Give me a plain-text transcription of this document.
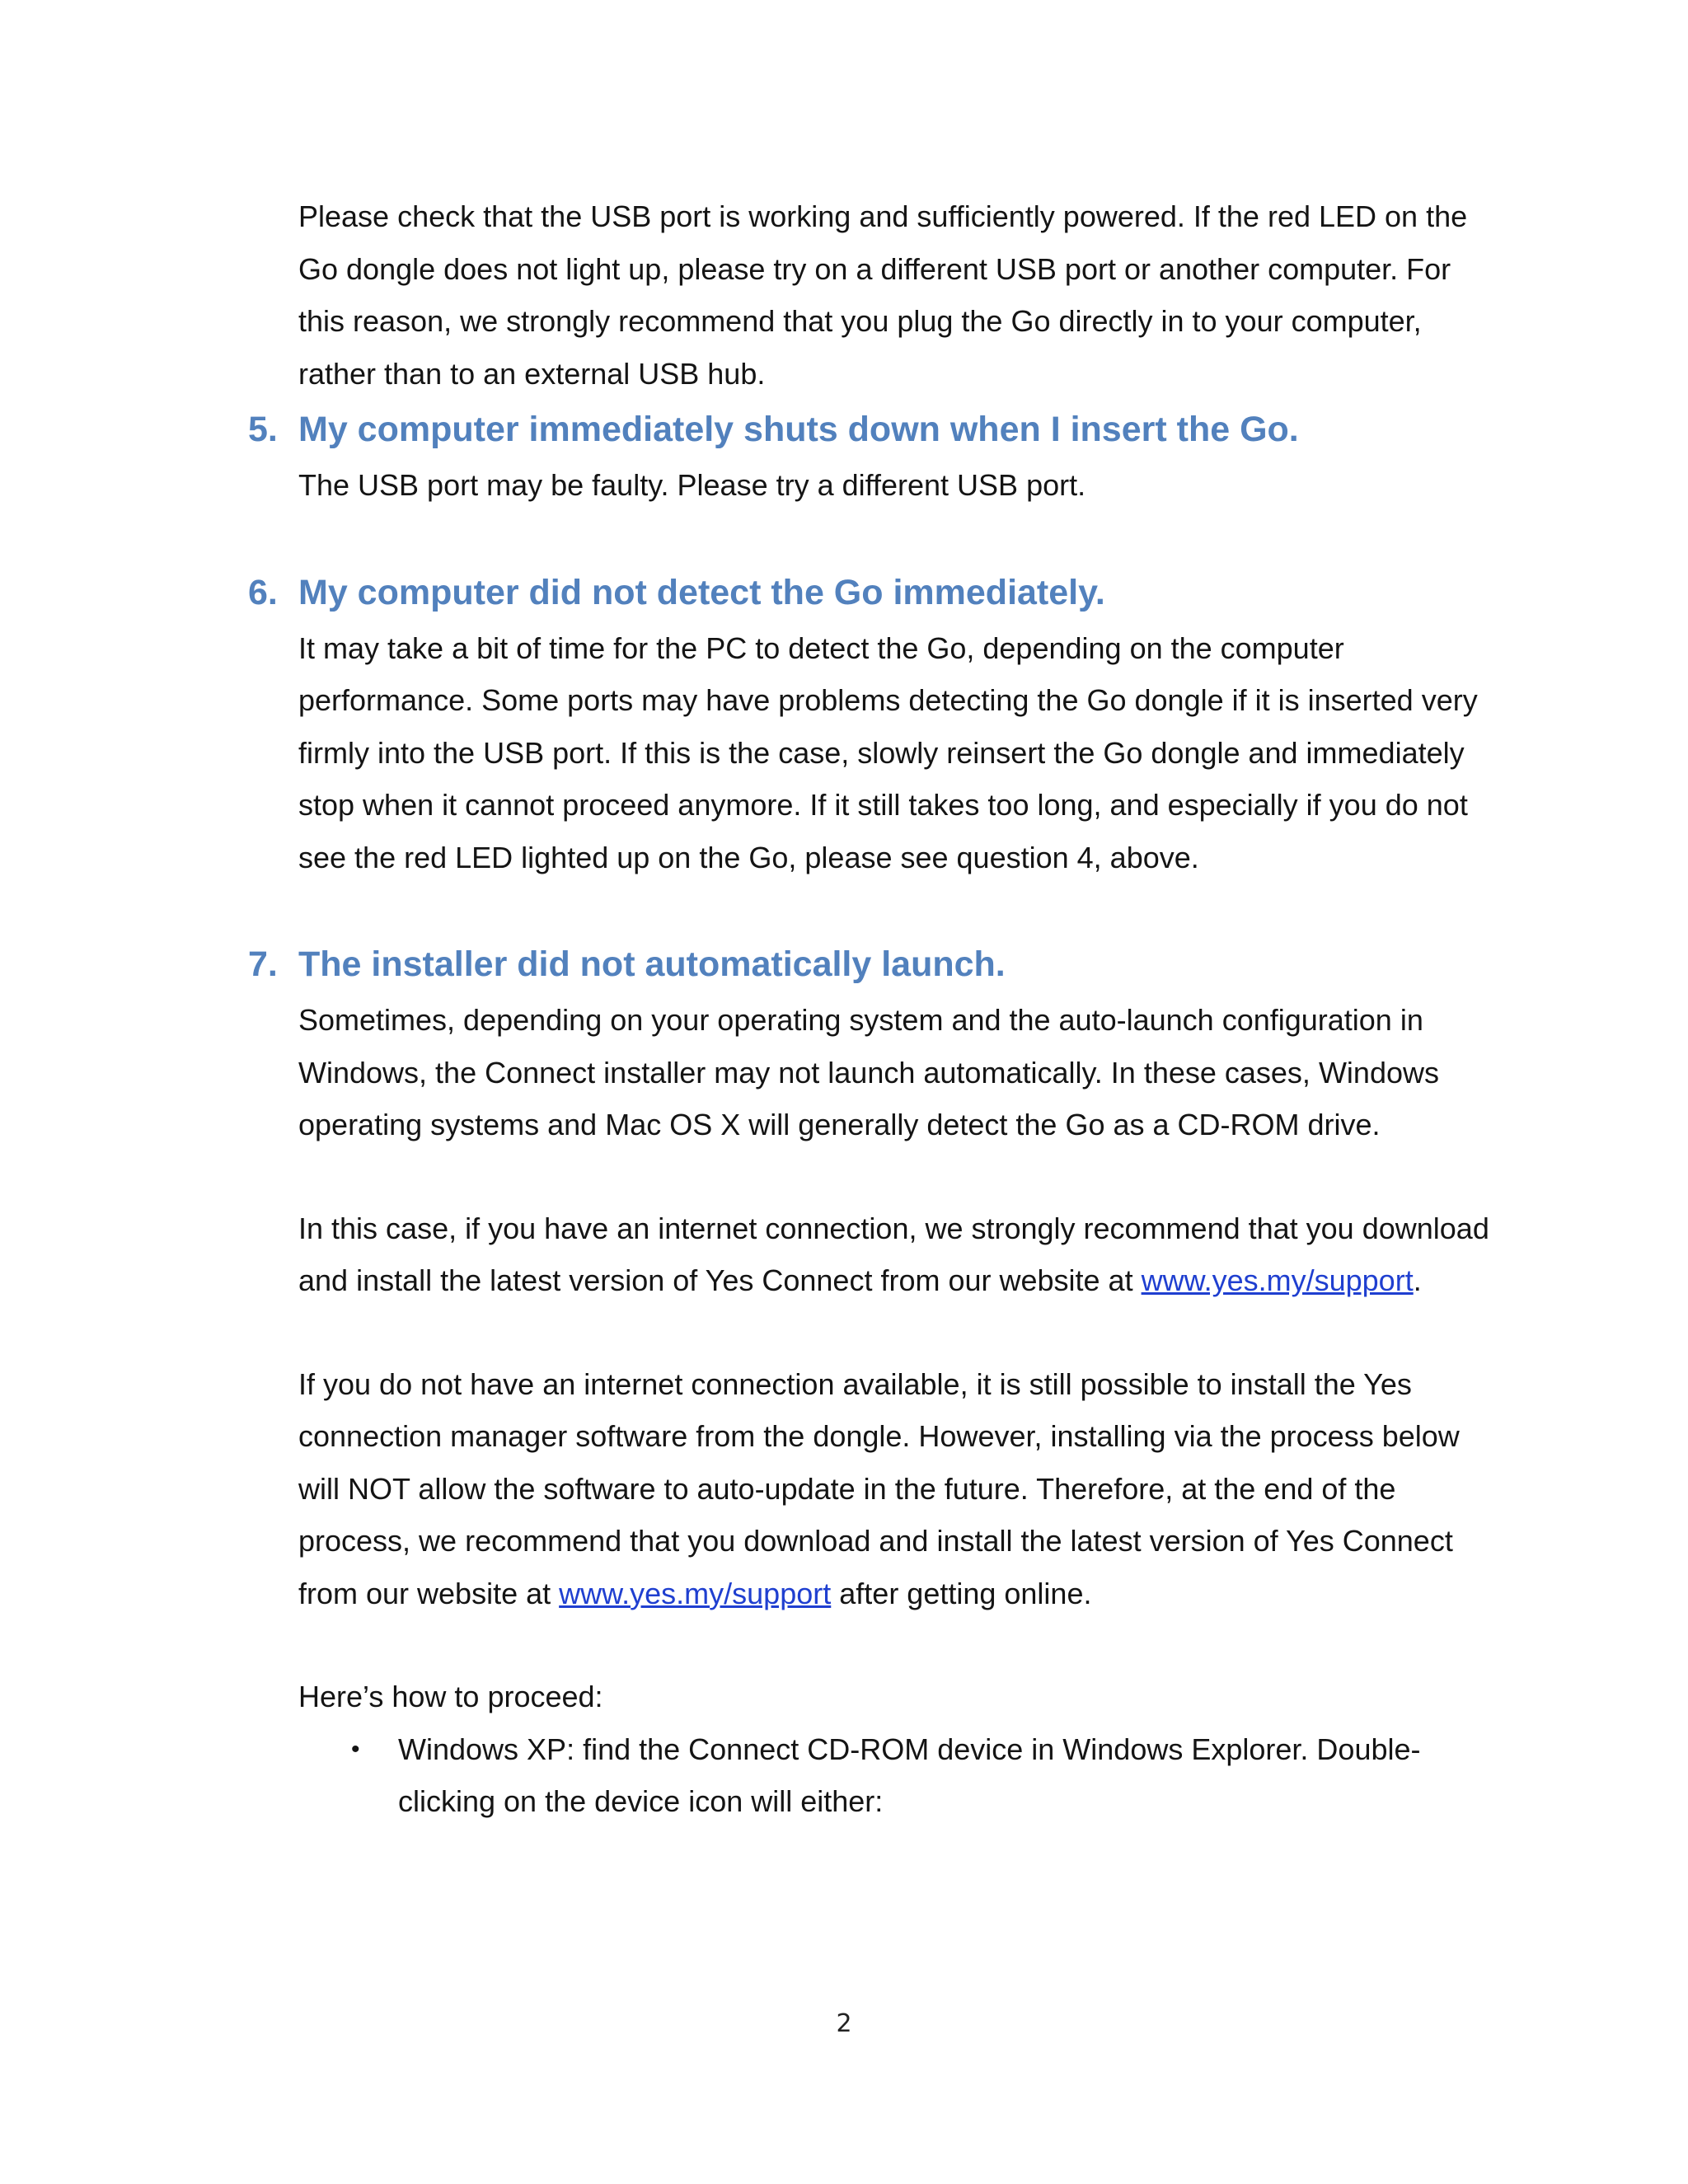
Please check that the USB port is working and sufficiently powered. If the red LED on the Go dongle does not light up, please try on a different USB port or another computer. For this reason, we strongly recommend that you plug the Go directly in to your computer, rather than to an external USB hub.

5. My computer immediately shuts down when I insert the Go.

The USB port may be faulty. Please try a different USB port.

6. My computer did not detect the Go immediately.

It may take a bit of time for the PC to detect the Go, depending on the computer performance. Some ports may have problems detecting the Go dongle if it is inserted very firmly into the USB port. If this is the case, slowly reinsert the Go dongle and immediately stop when it cannot proceed anymore. If it still takes too long, and especially if you do not see the red LED lighted up on the Go, please see question 4, above.

7. The installer did not automatically launch.

Sometimes, depending on your operating system and the auto-launch configuration in Windows, the Connect installer may not launch automatically. In these cases, Windows operating systems and Mac OS X will generally detect the Go as a CD-ROM drive.

In this case, if you have an internet connection, we strongly recommend that you download and install the latest version of Yes Connect from our website at www.yes.my/support.

If you do not have an internet connection available, it is still possible to install the Yes connection manager software from the dongle. However, installing via the process below will NOT allow the software to auto-update in the future. Therefore, at the end of the process, we recommend that you download and install the latest version of Yes Connect from our website at www.yes.my/support after getting online.

Here’s how to proceed:

• Windows XP: find the Connect CD-ROM device in Windows Explorer. Double-clicking on the device icon will either:
2
